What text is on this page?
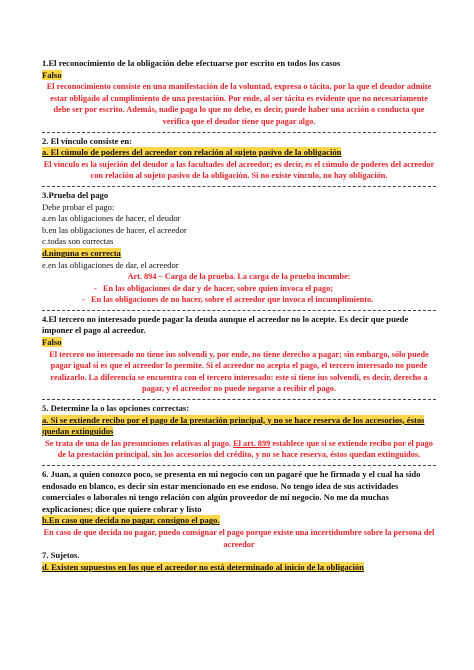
1.El reconocimiento de la obligación debe efectuarse por escrito en todos los casos
Falso
El reconocimiento consiste en una manifestación de la voluntad, expresa o tácita, por la que el deudor admite estar obligado al cumplimiento de una prestación. Por ende, al ser tácita es evidente que no necesariamente debe ser por escrito. Además, nadie paga lo que no debe, es decir, puede haber una acción o conducta que verifica que el deudor tiene que pagar algo.
2. El vínculo consiste en:
a. El cúmulo de poderes del acreedor con relación al sujeto pasivo de la obligación
El vínculo es la sujeción del deudor a las facultades del acreedor; es decir, es el cúmulo de poderes del acreedor con relación al sujeto pasivo de la obligación. Si no existe vínculo, no hay obligación.
3.Prueba del pago
Debe probar el pago:
a.en las obligaciones de hacer, el deudor
b.en las obligaciones de hacer, el acreedor
c.todas son correctas
d.ninguna es correcta
e.en las obligaciones de dar, el acreedor
Art. 894 – Carga de la prueba. La carga de la prueba incumbe:
-   En las obligaciones de dar y de hacer, sobre quien invoca el pago;
-   En las obligaciones de no hacer, sobre el acreedor que invoca el incumplimiento.
4.El tercero no interesado puede pagar la deuda aunque el acreedor no lo acepte. Es decir que puede imponer el pago al acreedor.
Falso
El tercero no interesado no tiene ius solvendi y, por ende, no tiene derecho a pagar; sin embargo, sólo puede pagar igual si es que el acreedor lo permite. Si el acreedor no acepta el pago, el tercero interesado no puede realizarlo. La diferencia se encuentra con el tercero interesado: este sí tiene ius solvendi, es decir, derecho a pagar, y el acreedor no puede negarse a recibir el pago.
5. Determine la o las opciones correctas:
a. Si se extiende recibo por el pago de la prestación principal, y no se hace reserva de los accesorios, éstos quedan extinguidos
Se trata de una de las presunciones relativas al pago. El art. 899 establece que si se extiende recibo por el pago de la prestación principal, sin los accesorios del crédito, y no se hace reserva, éstos quedan extinguidos.
6. Juan, a quien conozco poco, se presenta en mi negocio con un pagaré que he firmado y el cual ha sido endosado en blanco, es decir sin estar mencionado en ese endoso. No tengo idea de sus actividades comerciales o laborales ni tengo relación con algún proveedor de mi negocio. No me da muchas explicaciones; dice que quiere cobrar y listo
b.En caso que decida no pagar, consigno el pago.
En caso de que decida no pagar, puedo consignar el pago porque existe una incertidumbre sobre la persona del acreedor
7. Sujetos.
d. Existen supuestos en los que el acreedor no está determinado al inicio de la obligación
